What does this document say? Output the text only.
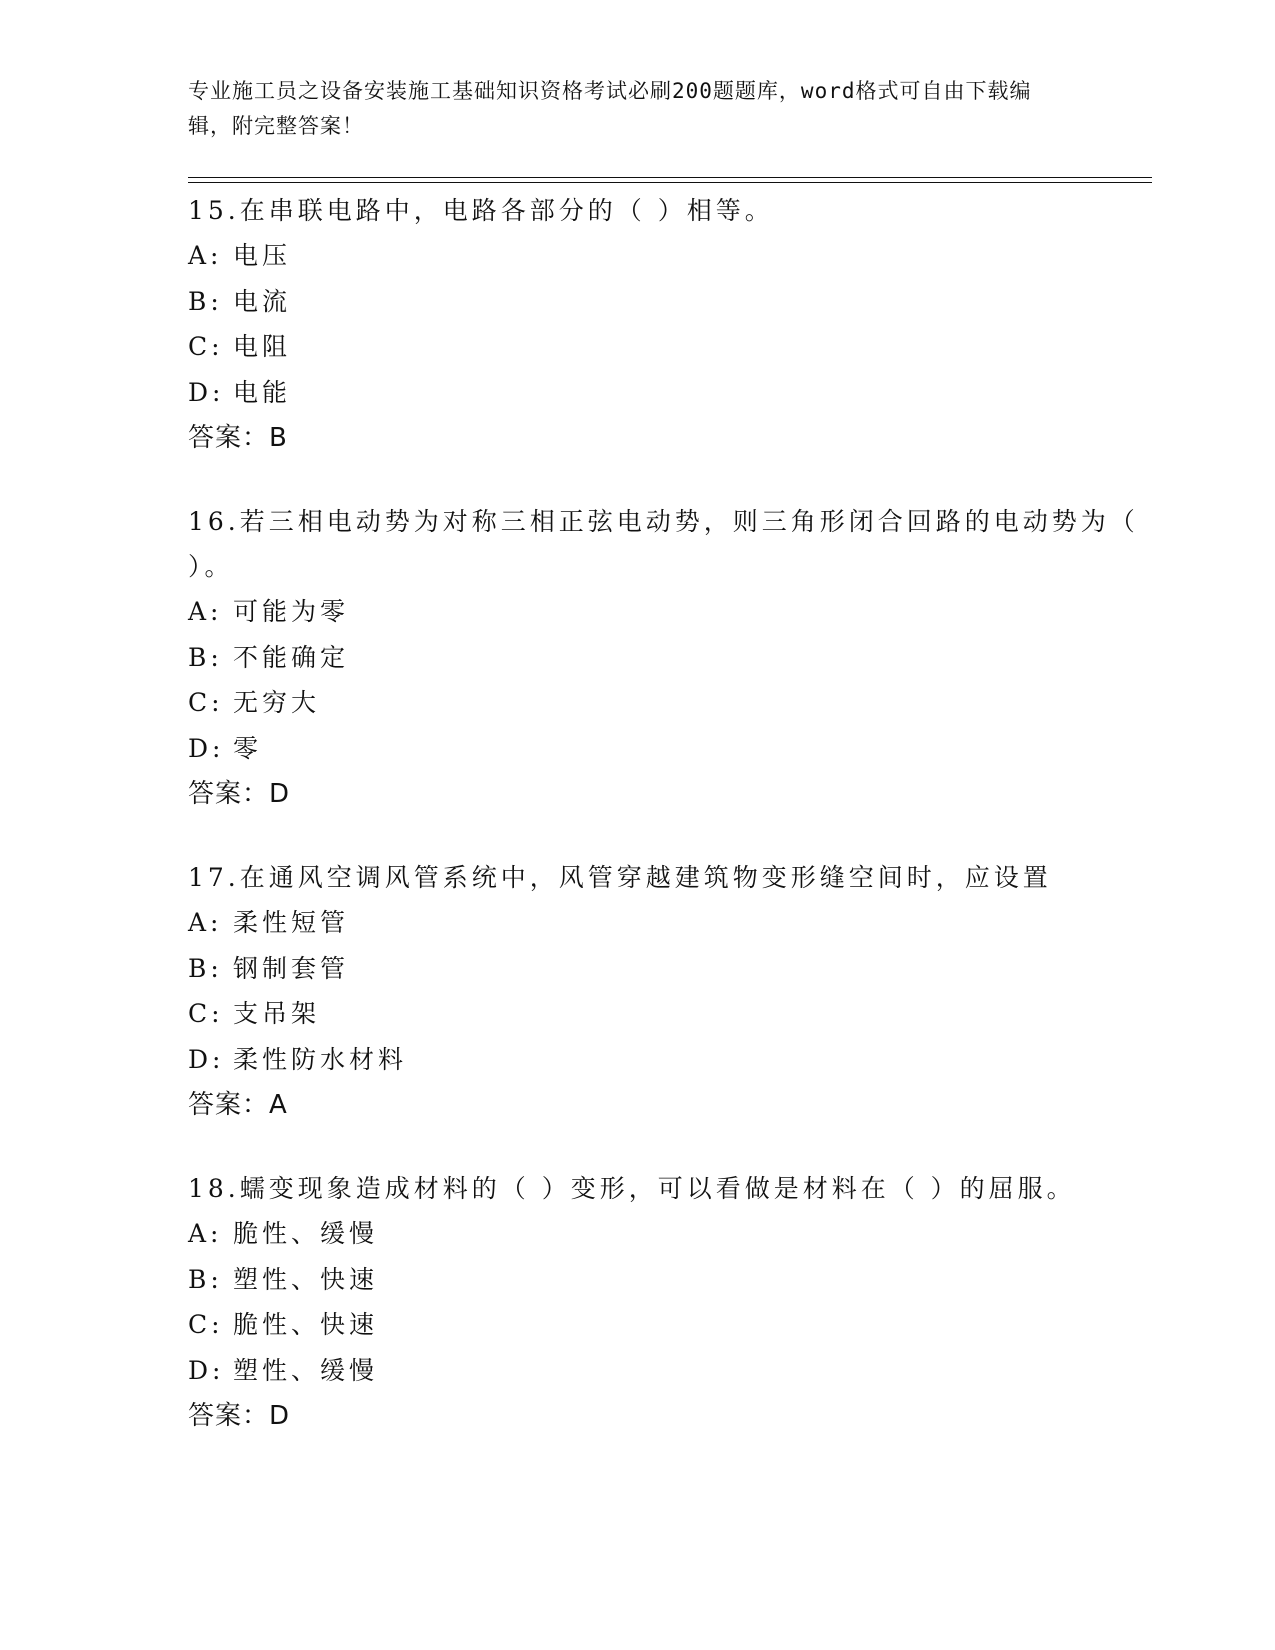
专业施工员之设备安装施工基础知识资格考试必刷200题题库，word格式可自由下载编辑，附完整答案！

15.在串联电路中，电路各部分的（ ）相等。

A: 电压

B: 电流

C: 电阻

D: 电能

答案：B

16.若三相电动势为对称三相正弦电动势，则三角形闭合回路的电动势为（ ）。

A: 可能为零

B: 不能确定

C: 无穷大

D: 零

答案：D

17.在通风空调风管系统中，风管穿越建筑物变形缝空间时，应设置

A: 柔性短管

B: 钢制套管

C: 支吊架

D: 柔性防水材料

答案：A

18.蠕变现象造成材料的（ ）变形，可以看做是材料在（ ）的屈服。

A: 脆性、缓慢

B: 塑性、快速

C: 脆性、快速

D: 塑性、缓慢

答案：D
